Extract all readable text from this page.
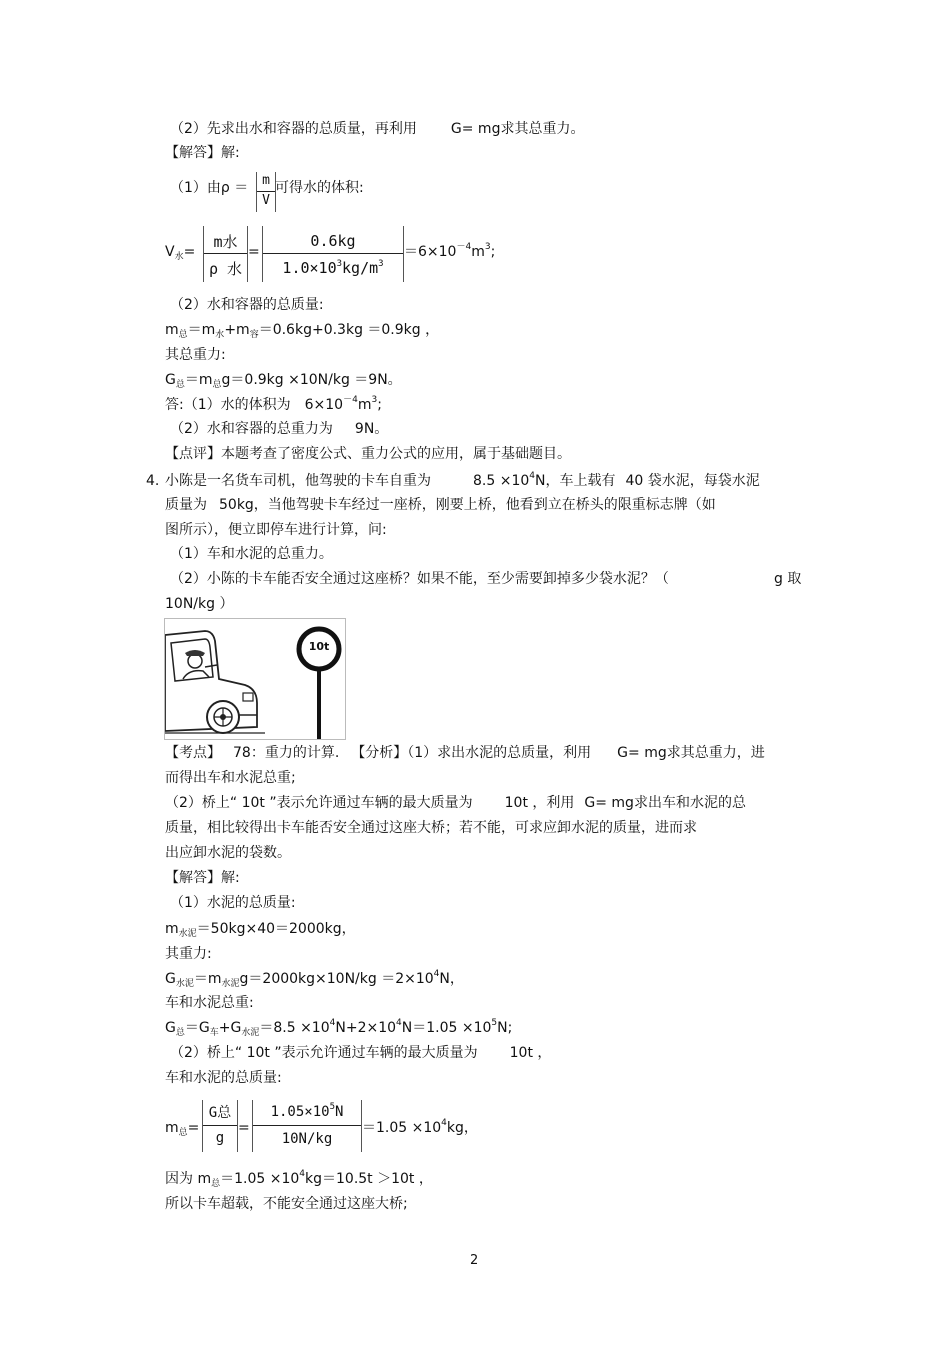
（2）先求出水和容器的总质量，再利用 G= mg求其总重力。
【解答】解:
（1）由ρ ＝	m
V
可得水的体积:
$V_水=$
m水
ρ 水
=
0.6kg
$1.0\times 10^3kg/m^3$
$=6\times 10^{-4}m^3$;
（2）水和容器的总质量:
$m_总=m_水+m_容=0.6kg+0.3kg =0.9kg$ ，
其总重力:
$G_总=m_总g=0.9kg \times 10N/kg =9N$。
答:（1）水的体积为 $6\times 10^{-4}m^3$;
（2）水和容器的总重力为 9N。
【点评】本题考查了密度公式、重力公式的应用，属于基础题目。
4. 小陈是一名货车司机，他驾驶的卡车自重为	$8.5 \times 10^4N$，车上载有 40 袋水泥，每袋水泥
质量为 50kg，当他驾驶卡车经过一座桥，刚要上桥，他看到立在桥头的限重标志牌（如
图所示），便立即停车进行计算，问:
（1）车和水泥的总重力。
（2）小陈的卡车能否安全通过这座桥？如果不能，至少需要卸掉多少袋水泥？（	g 取
10N/kg ）
10t
【考点】 78：重力的计算. 【分析】（1）求出水泥的总质量，利用 G= mg求其总重力，进
而得出车和水泥总重;
（2）桥上“ 10t ”表示允许通过车辆的最大质量为 10t ，利用 G= mg求出车和水泥的总
质量，相比较得出卡车能否安全通过这座大桥；若不能，可求应卸水泥的质量，进而求
出应卸水泥的袋数。
【解答】解:
（1）水泥的总质量:
$m_{水泥}=50kg\times 40=2000kg$，
其重力:
$G_{水泥}=m_{水泥}g=2000kg\times 10N/kg =2\times 10^4N$，
车和水泥总重:
$G_总=G_车+G_{水泥}=8.5 \times 10^4N+2\times 10^4N=1.05 \times 10^5N$;
（2）桥上“ 10t ”表示允许通过车辆的最大质量为 10t ，
车和水泥的总质量:
$m_总=$
G总
g
=
$1.05\times 10^5N$
10N/kg
$=1.05 \times 10^4kg$，
因为 $m_总=1.05 \times 10^4kg=10.5t >10t$ ，
所以卡车超载，不能安全通过这座大桥;
2
